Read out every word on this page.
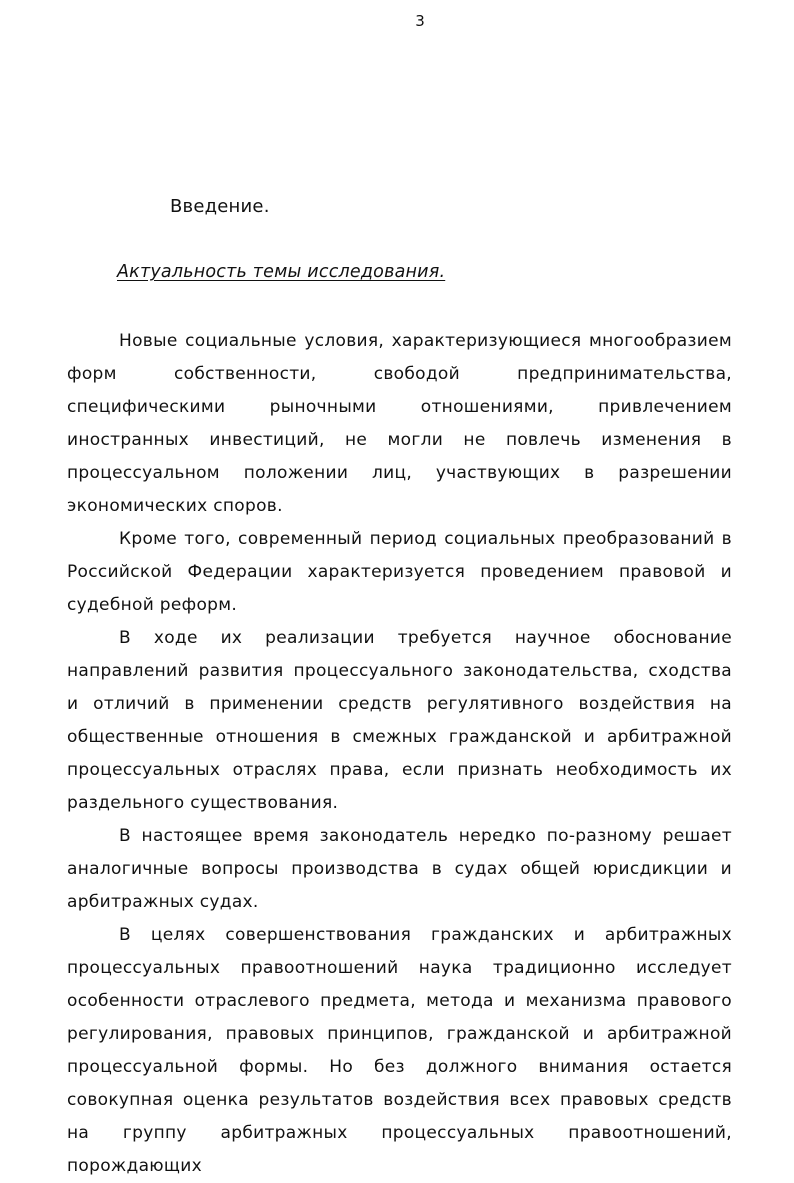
3
Введение.
Актуальность темы исследования.

Новые социальные условия, характеризующиеся многообразием форм собственности, свободой предпринимательства, специфическими рыночными отношениями, привлечением иностранных инвестиций, не могли не повлечь изменения в процессуальном положении лиц, участвующих в разрешении экономических споров.

Кроме того, современный период социальных преобразований в Российской Федерации характеризуется проведением правовой и судебной реформ.

В ходе их реализации требуется научное обоснование направлений развития процессуального законодательства, сходства и отличий в применении средств регулятивного воздействия на общественные отношения в смежных гражданской и арбитражной процессуальных отраслях права, если признать необходимость их раздельного существования.

В настоящее время законодатель нередко по-разному решает аналогичные вопросы производства в судах общей юрисдикции и арбитражных судах.

В целях совершенствования гражданских и арбитражных процессуальных правоотношений наука традиционно исследует особенности отраслевого предмета, метода и механизма правового регулирования, правовых принципов, гражданской и арбитражной процессуальной формы. Но без должного внимания остается совокупная оценка результатов воздействия всех правовых средств на группу арбитражных процессуальных правоотношений, порождающих
